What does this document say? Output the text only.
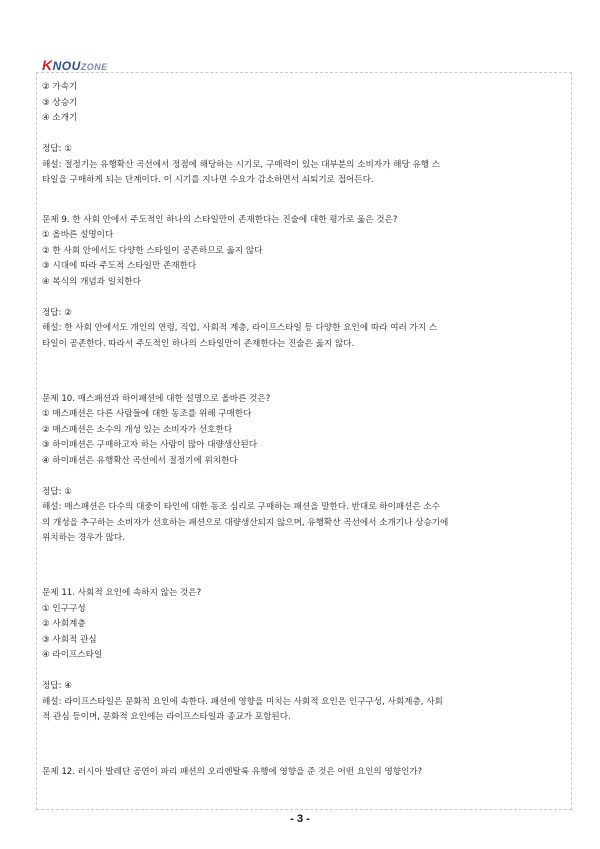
KNOUZONE
② 가속기
③ 상승기
④ 소개기
정답: ①
해설: 절정기는 유행확산 곡선에서 정점에 해당하는 시기로, 구매력이 있는 대부분의 소비자가 해당 유행 스
타일을 구매하게 되는 단계이다. 이 시기를 지나면 수요가 감소하면서 쇠퇴기로 접어든다.
문제 9. 한 사회 안에서 주도적인 하나의 스타일만이 존재한다는 진술에 대한 평가로 옳은 것은?
① 올바른 설명이다
② 한 사회 안에서도 다양한 스타일이 공존하므로 옳지 않다
③ 시대에 따라 주도적 스타일만 존재한다
④ 복식의 개념과 일치한다
정답: ②
해설: 한 사회 안에서도 개인의 연령, 직업, 사회적 계층, 라이프스타일 등 다양한 요인에 따라 여러 가지 스
타일이 공존한다. 따라서 주도적인 하나의 스타일만이 존재한다는 진술은 옳지 않다.
문제 10. 매스패션과 하이패션에 대한 설명으로 올바른 것은?
① 매스패션은 다른 사람들에 대한 동조를 위해 구매한다
② 매스패션은 소수의 개성 있는 소비자가 선호한다
③ 하이패션은 구매하고자 하는 사람이 많아 대량생산된다
④ 하이패션은 유행확산 곡선에서 절정기에 위치한다
정답: ①
해설: 매스패션은 다수의 대중이 타인에 대한 동조 심리로 구매하는 패션을 말한다. 반대로 하이패션은 소수
의 개성을 추구하는 소비자가 선호하는 패션으로 대량생산되지 않으며, 유행확산 곡선에서 소개기나 상승기에
위치하는 경우가 많다.
문제 11. 사회적 요인에 속하지 않는 것은?
① 인구구성
② 사회계층
③ 사회적 관심
④ 라이프스타일
정답: ④
해설: 라이프스타일은 문화적 요인에 속한다. 패션에 영향을 미치는 사회적 요인은 인구구성, 사회계층, 사회
적 관심 등이며, 문화적 요인에는 라이프스타일과 종교가 포함된다.
문제 12. 러시아 발레단 공연이 파리 패션의 오리엔탈룩 유행에 영향을 준 것은 어떤 요인의 영향인가?
- 3 -
